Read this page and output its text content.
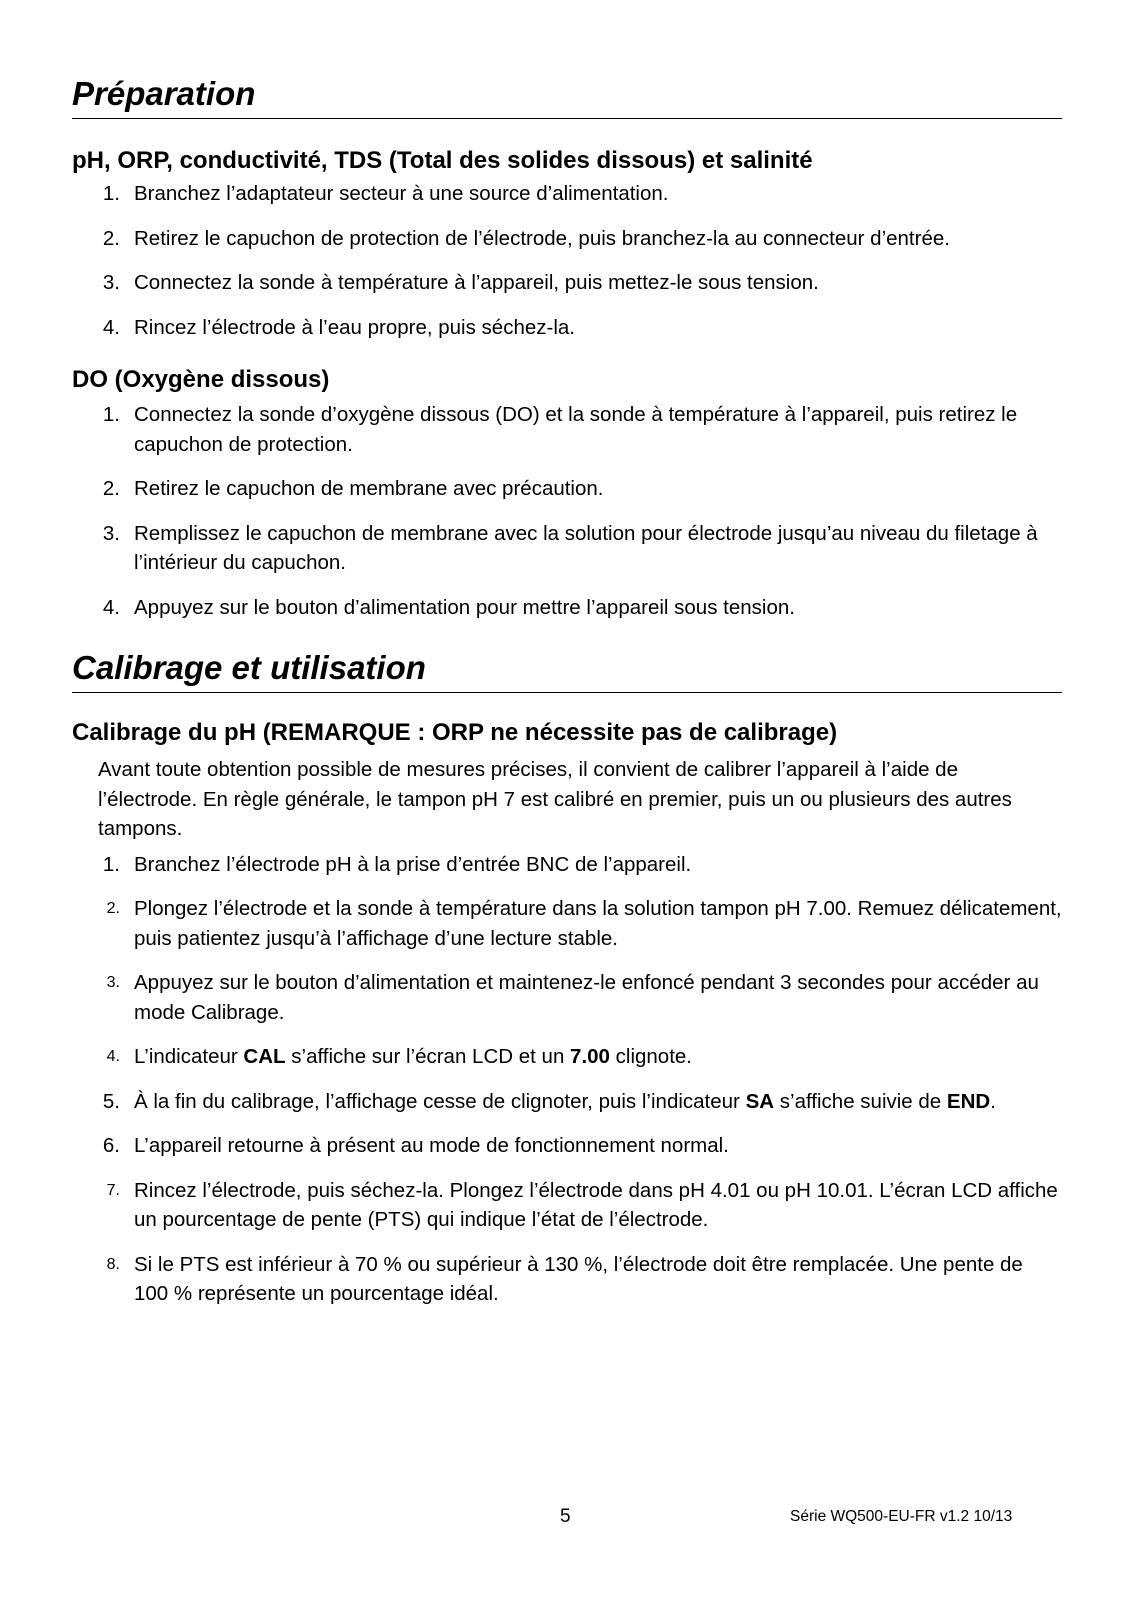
Préparation
pH, ORP, conductivité, TDS (Total des solides dissous) et salinité
1. Branchez l’adaptateur secteur à une source d’alimentation.
2. Retirez le capuchon de protection de l’électrode, puis branchez-la au connecteur d’entrée.
3. Connectez la sonde à température à l’appareil, puis mettez-le sous tension.
4. Rincez l’électrode à l’eau propre, puis séchez-la.
DO (Oxygène dissous)
1. Connectez la sonde d’oxygène dissous (DO) et la sonde à température à l’appareil, puis retirez le capuchon de protection.
2. Retirez le capuchon de membrane avec précaution.
3. Remplissez le capuchon de membrane avec la solution pour électrode jusqu’au niveau du filetage à l’intérieur du capuchon.
4. Appuyez sur le bouton d’alimentation pour mettre l’appareil sous tension.
Calibrage et utilisation
Calibrage du pH (REMARQUE : ORP ne nécessite pas de calibrage)

Avant toute obtention possible de mesures précises, il convient de calibrer l’appareil à l’aide de l’électrode. En règle générale, le tampon pH 7 est calibré en premier, puis un ou plusieurs des autres tampons.

1. Branchez l’électrode pH à la prise d’entrée BNC de l’appareil.
2. Plongez l’électrode et la sonde à température dans la solution tampon pH 7.00. Remuez délicatement, puis patientez jusqu’à l’affichage d’une lecture stable.
3. Appuyez sur le bouton d’alimentation et maintenez-le enfoncé pendant 3 secondes pour accéder au mode Calibrage.
4. L’indicateur CAL s’affiche sur l’écran LCD et un 7.00 clignote.
5. À la fin du calibrage, l’affichage cesse de clignoter, puis l’indicateur SA s’affiche suivie de END.
6. L’appareil retourne à présent au mode de fonctionnement normal.
7. Rincez l’électrode, puis séchez-la. Plongez l’électrode dans pH 4.01 ou pH 10.01. L’écran LCD affiche un pourcentage de pente (PTS) qui indique l’état de l’électrode.
8. Si le PTS est inférieur à 70 % ou supérieur à 130 %, l’électrode doit être remplacée. Une pente de 100 % représente un pourcentage idéal.
5	Série WQ500-EU-FR v1.2 10/13
